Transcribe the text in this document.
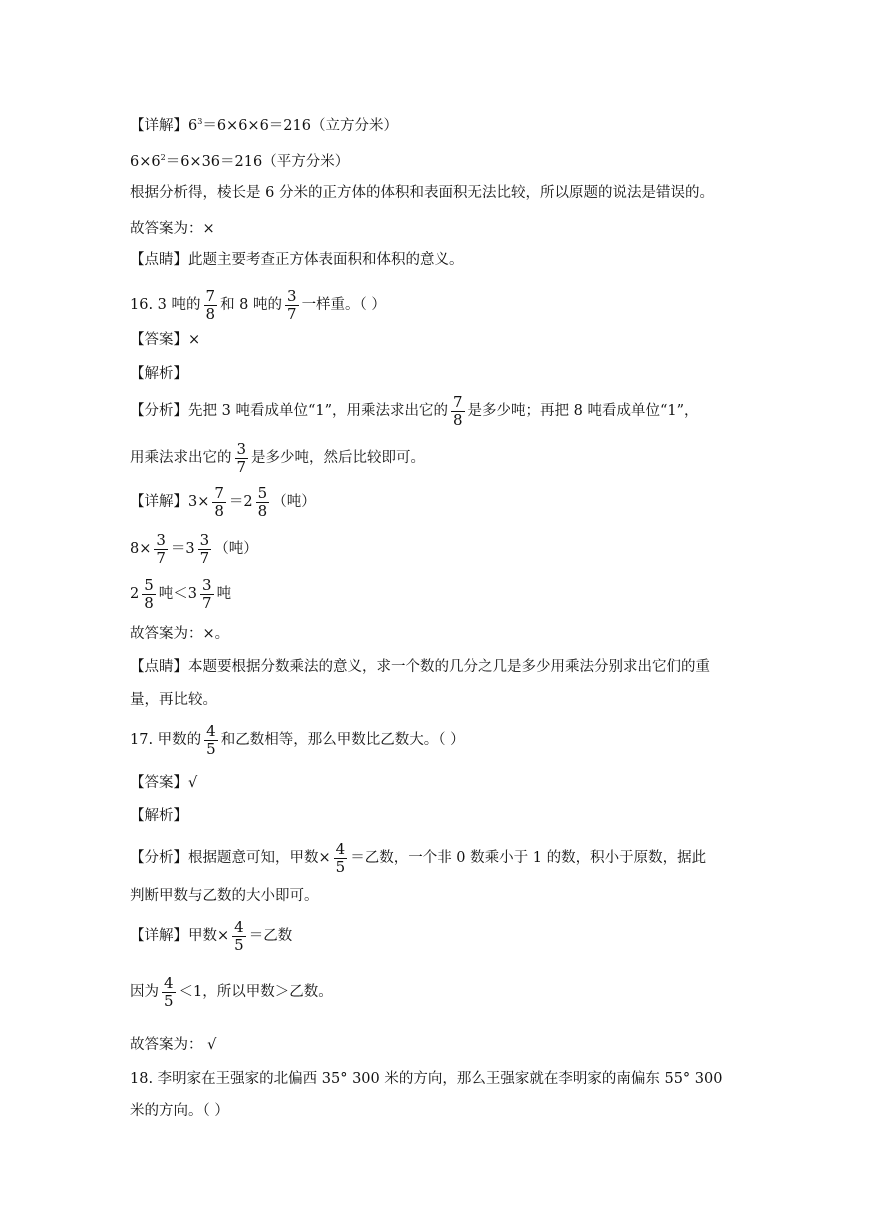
【详解】$6^3=6\times 6\times 6=216$（立方分米）
$6\times 6^2=6\times 36=216$（平方分米）
根据分析得，棱长是 6 分米的正方体的体积和表面积无法比较，所以原题的说法是错误的。
故答案为：×
【点睛】此题主要考查正方体表面积和体积的意义。
16. 3 吨的 $\frac{7}{8}$ 和 8 吨的 $\frac{3}{7}$ 一样重。（ ）
【答案】×
【解析】
【分析】先把 3 吨看成单位“1”，用乘法求出它的 $\frac{7}{8}$ 是多少吨；再把 8 吨看成单位“1”，
用乘法求出它的 $\frac{3}{7}$ 是多少吨，然后比较即可。
【详解】$3\times \frac{7}{8} =2 \frac{5}{8}$ （吨）
$8\times \frac{3}{7} =3 \frac{3}{7}$ （吨）
$2 \frac{5}{8}$ 吨$<3 \frac{3}{7}$ 吨
故答案为：×。
【点睛】本题要根据分数乘法的意义，求一个数的几分之几是多少用乘法分别求出它们的重
量，再比较。
17. 甲数的 $\frac{4}{5}$ 和乙数相等，那么甲数比乙数大。（ ）
【答案】√
【解析】
【分析】根据题意可知，甲数× $\frac{4}{5}$ ＝乙数，一个非 0 数乘小于 1 的数，积小于原数，据此
判断甲数与乙数的大小即可。
【详解】甲数× $\frac{4}{5}$ ＝乙数
因为 $\frac{4}{5} <1$，所以甲数＞乙数。
故答案为： √
18. 李明家在王强家的北偏西 35° 300 米的方向，那么王强家就在李明家的南偏东 55° 300
米的方向。（ ）
